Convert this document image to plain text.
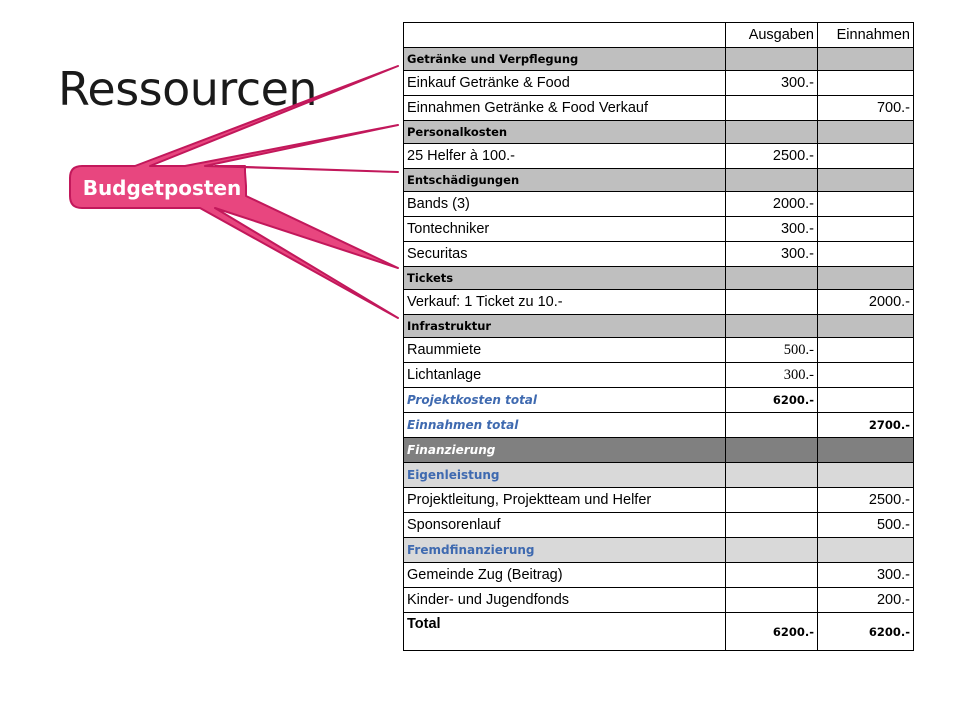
Ressourcen
Budgetposten
	Ausgaben	Einnahmen
Getränke und Verpflegung		
Einkauf Getränke & Food	300.-	
Einnahmen Getränke & Food Verkauf		700.-
Personalkosten		
25 Helfer à 100.-	2500.-	
Entschädigungen		
Bands (3)	2000.-	
Tontechniker	300.-	
Securitas	300.-	
Tickets		
Verkauf: 1 Ticket zu 10.-		2000.-
Infrastruktur		
Raummiete	500.-	
Lichtanlage	300.-	
Projektkosten total	6200.-	
Einnahmen total		2700.-
Finanzierung		
Eigenleistung		
Projektleitung, Projektteam und Helfer		2500.-
Sponsorenlauf		500.-
Fremdfinanzierung		
Gemeinde Zug (Beitrag)		300.-
Kinder- und Jugendfonds		200.-
Total	6200.-	6200.-
